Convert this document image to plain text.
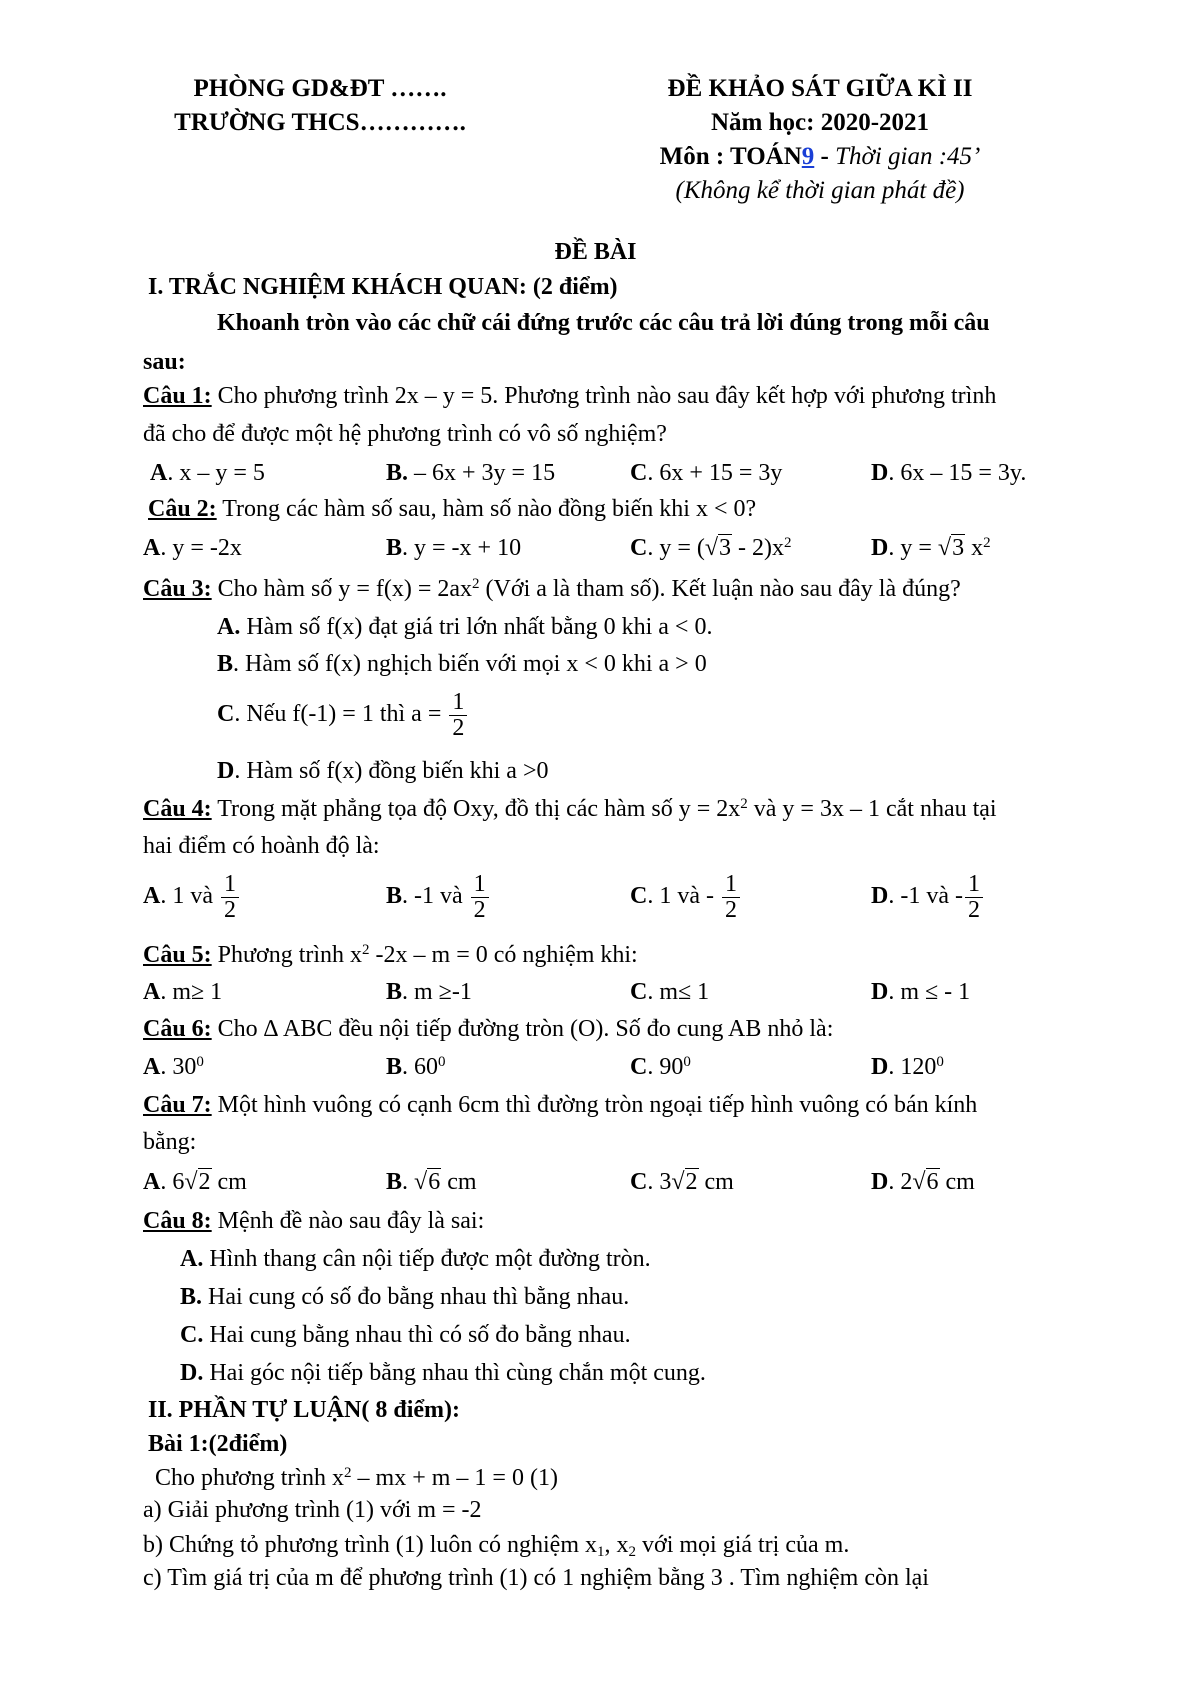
PHÒNG GD&ĐT …….
TRƯỜNG THCS………….
ĐỀ KHẢO SÁT GIỮA KÌ II
Năm học: 2020-2021
Môn : TOÁN9 - Thời gian :45’
(Không kể thời gian phát đề)
ĐỀ BÀI
I. TRẮC NGHIỆM KHÁCH QUAN: (2 điểm)
Khoanh tròn vào các chữ cái đứng trước các câu trả lời đúng trong mỗi câu
sau:
Câu 1: Cho phương trình 2x – y = 5. Phương trình nào sau đây kết hợp với phương trình
đã cho để được một hệ phương trình có vô số nghiệm?
A. x – y = 5	B. – 6x + 3y = 15	C. 6x + 15 = 3y	D. 6x – 15 = 3y.
Câu 2: Trong các hàm số sau, hàm số nào đồng biến khi x < 0?
A. y = -2x	B. y = -x + 10	C. $y = (√3 - 2)x^2$	D. y = √3 $x^2$
Câu 3: Cho hàm số $y = f(x) = 2ax^2$ (Với a là tham số). Kết luận nào sau đây là đúng?
A. Hàm số f(x) đạt giá tri lớn nhất bằng 0 khi a < 0.
B. Hàm số f(x) nghịch biến với mọi x < 0 khi a > 0
C. Nếu f(-1) = 1 thì $a = \frac{1}{2}$
D. Hàm số f(x) đồng biến khi a >0
Câu 4: Trong mặt phẳng tọa độ Oxy, đồ thị các hàm số $y = 2x^2$ và y = 3x – 1 cắt nhau tại
hai điểm có hoành độ là:
A. 1 và $\frac{1}{2}$	B. -1 và $\frac{1}{2}$	C. 1 và - $\frac{1}{2}$	D. -1 và - $\frac{1}{2}$
Câu 5: Phương trình $x^2$ -2x – m = 0 có nghiệm khi:
A. m≥ 1	B. m ≥-1	C. m≤ 1	D. m ≤ - 1
Câu 6: Cho ∆ ABC đều nội tiếp đường tròn (O). Số đo cung AB nhỏ là:
A. $30^0$	B. $60^0$	C. $90^0$	D. $120^0$
Câu 7: Một hình vuông có cạnh 6cm thì đường tròn ngoại tiếp hình vuông có bán kính
bằng:
A. 6√2 cm	B. √6 cm	C. 3√2 cm	D. 2√6 cm
Câu 8: Mệnh đề nào sau đây là sai:
A. Hình thang cân nội tiếp được một đường tròn.
B. Hai cung có số đo bằng nhau thì bằng nhau.
C. Hai cung bằng nhau thì có số đo bằng nhau.
D. Hai góc nội tiếp bằng nhau thì cùng chắn một cung.
II. PHẦN TỰ LUẬN( 8 điểm):
Bài 1:(2điểm)
Cho phương trình $x^2$ – mx + m – 1 = 0 (1)
a) Giải phương trình (1) với m = -2
b) Chứng tỏ phương trình (1) luôn có nghiệm $x_1$, $x_2$ với mọi giá trị của m.
c) Tìm giá trị của m để phương trình (1) có 1 nghiệm bằng 3 . Tìm nghiệm còn lại
